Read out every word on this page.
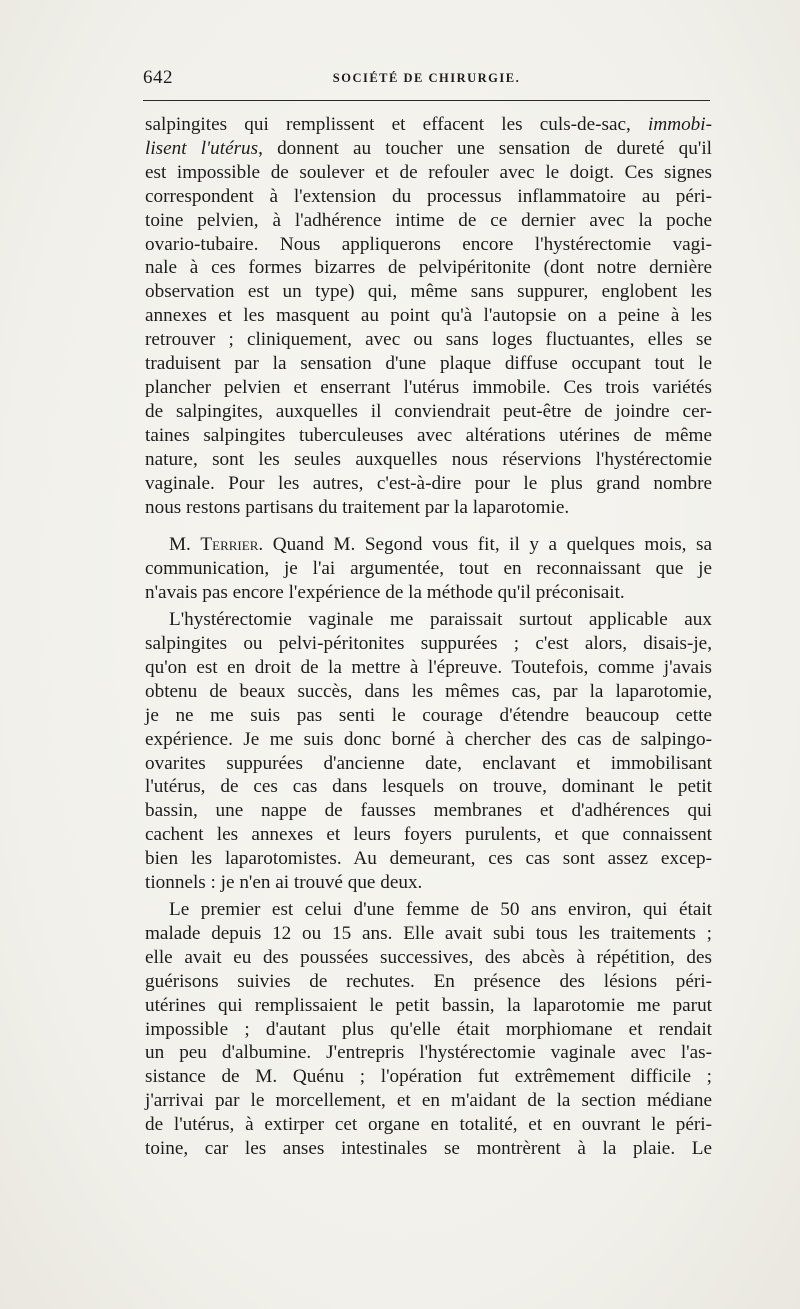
642	SOCIÉTÉ DE CHIRURGIE.
salpingites qui remplissent et effacent les culs-de-sac, immobi-
lisent l'utérus, donnent au toucher une sensation de dureté qu'il
est impossible de soulever et de refouler avec le doigt. Ces signes
correspondent à l'extension du processus inflammatoire au péri-
toine pelvien, à l'adhérence intime de ce dernier avec la poche
ovario-tubaire. Nous appliquerons encore l'hystérectomie vagi-
nale à ces formes bizarres de pelvipéritonite (dont notre dernière
observation est un type) qui, même sans suppurer, englobent les
annexes et les masquent au point qu'à l'autopsie on a peine à les
retrouver ; cliniquement, avec ou sans loges fluctuantes, elles se
traduisent par la sensation d'une plaque diffuse occupant tout le
plancher pelvien et enserrant l'utérus immobile. Ces trois variétés
de salpingites, auxquelles il conviendrait peut-être de joindre cer-
taines salpingites tuberculeuses avec altérations utérines de même
nature, sont les seules auxquelles nous réservions l'hystérectomie
vaginale. Pour les autres, c'est-à-dire pour le plus grand nombre
nous restons partisans du traitement par la laparotomie.
M. Terrier. Quand M. Segond vous fit, il y a quelques mois, sa
communication, je l'ai argumentée, tout en reconnaissant que je
n'avais pas encore l'expérience de la méthode qu'il préconisait.
L'hystérectomie vaginale me paraissait surtout applicable aux
salpingites ou pelvi-péritonites suppurées ; c'est alors, disais-je,
qu'on est en droit de la mettre à l'épreuve. Toutefois, comme j'avais
obtenu de beaux succès, dans les mêmes cas, par la laparotomie,
je ne me suis pas senti le courage d'étendre beaucoup cette
expérience. Je me suis donc borné à chercher des cas de salpingo-
ovarites suppurées d'ancienne date, enclavant et immobilisant
l'utérus, de ces cas dans lesquels on trouve, dominant le petit
bassin, une nappe de fausses membranes et d'adhérences qui
cachent les annexes et leurs foyers purulents, et que connaissent
bien les laparotomistes. Au demeurant, ces cas sont assez excep-
tionnels : je n'en ai trouvé que deux.
Le premier est celui d'une femme de 50 ans environ, qui était
malade depuis 12 ou 15 ans. Elle avait subi tous les traitements ;
elle avait eu des poussées successives, des abcès à répétition, des
guérisons suivies de rechutes. En présence des lésions péri-
utérines qui remplissaient le petit bassin, la laparotomie me parut
impossible ; d'autant plus qu'elle était morphiomane et rendait
un peu d'albumine. J'entrepris l'hystérectomie vaginale avec l'as-
sistance de M. Quénu ; l'opération fut extrêmement difficile ;
j'arrivai par le morcellement, et en m'aidant de la section médiane
de l'utérus, à extirper cet organe en totalité, et en ouvrant le péri-
toine, car les anses intestinales se montrèrent à la plaie. Le
